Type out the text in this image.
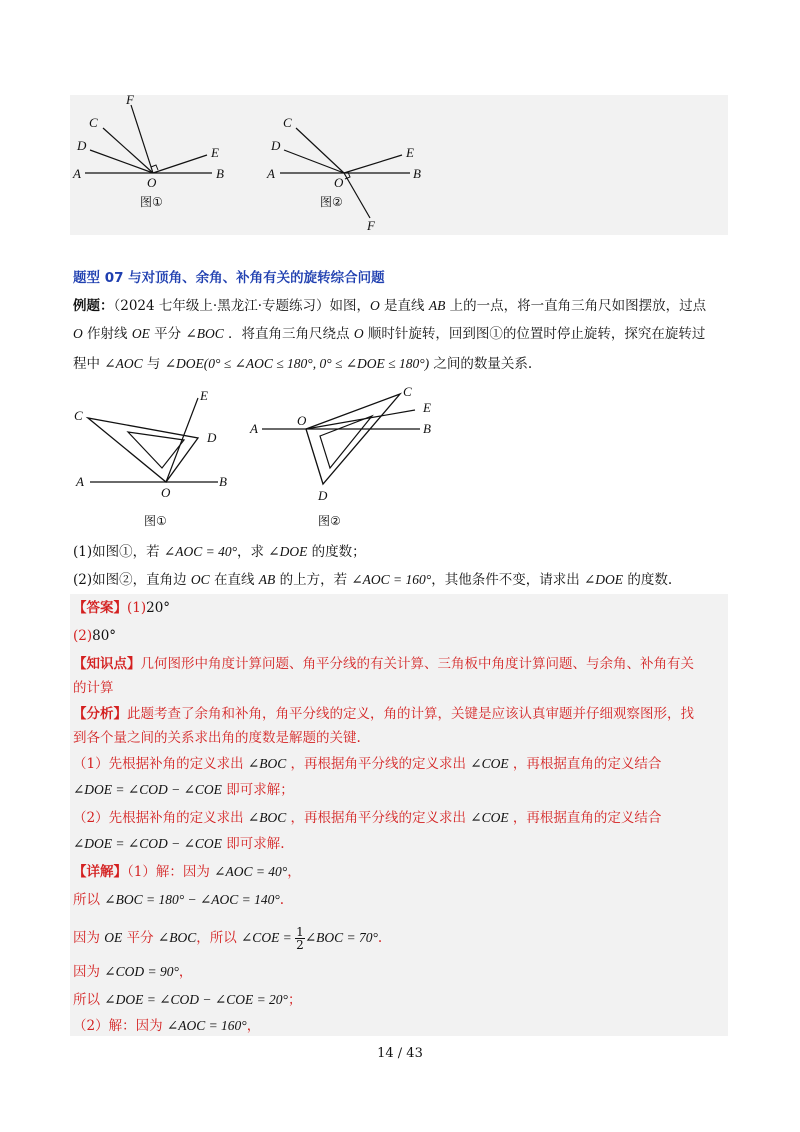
F
C
D	E
A
O
B
图①
C
D	E
A
O
B
F
图②
题型 07 与对顶角、余角、补角有关的旋转综合问题
例题：（2024 七年级上·黑龙江·专题练习）如图，O 是直线 AB 上的一点，将一直角三角尺如图摆放，过点
O 作射线 OE 平分 ∠BOC ．将直角三角尺绕点 O 顺时针旋转，回到图①的位置时停止旋转，探究在旋转过
程中 ∠AOC 与 ∠DOE(0° ≤ ∠AOC ≤ 180°, 0° ≤ ∠DOE ≤ 180°) 之间的数量关系.
C
E
D
A
O
B
图①
C
E
A
O
B
D
图②
(1)如图①，若 ∠AOC = 40°，求 ∠DOE 的度数；
(2)如图②，直角边 OC 在直线 AB 的上方，若 ∠AOC = 160°，其他条件不变，请求出 ∠DOE 的度数.
【答案】(1)20°
(2)80°
【知识点】几何图形中角度计算问题、角平分线的有关计算、三角板中角度计算问题、与余角、补角有关
的计算
【分析】此题考查了余角和补角，角平分线的定义，角的计算，关键是应该认真审题并仔细观察图形，找
到各个量之间的关系求出角的度数是解题的关键.
（1）先根据补角的定义求出 ∠BOC ，再根据角平分线的定义求出 ∠COE ，再根据直角的定义结合
∠DOE = ∠COD − ∠COE 即可求解；
（2）先根据补角的定义求出 ∠BOC ，再根据角平分线的定义求出 ∠COE ，再根据直角的定义结合
∠DOE = ∠COD − ∠COE 即可求解.
【详解】（1）解：因为 ∠AOC = 40°，
所以 ∠BOC = 180° − ∠AOC = 140°.
因为 OE 平分 ∠BOC，所以 ∠COE = $\frac{1}{2}$ ∠BOC = 70°.
因为 ∠COD = 90°，
所以 ∠DOE = ∠COD − ∠COE = 20°；
（2）解：因为 ∠AOC = 160°，
14 / 43
